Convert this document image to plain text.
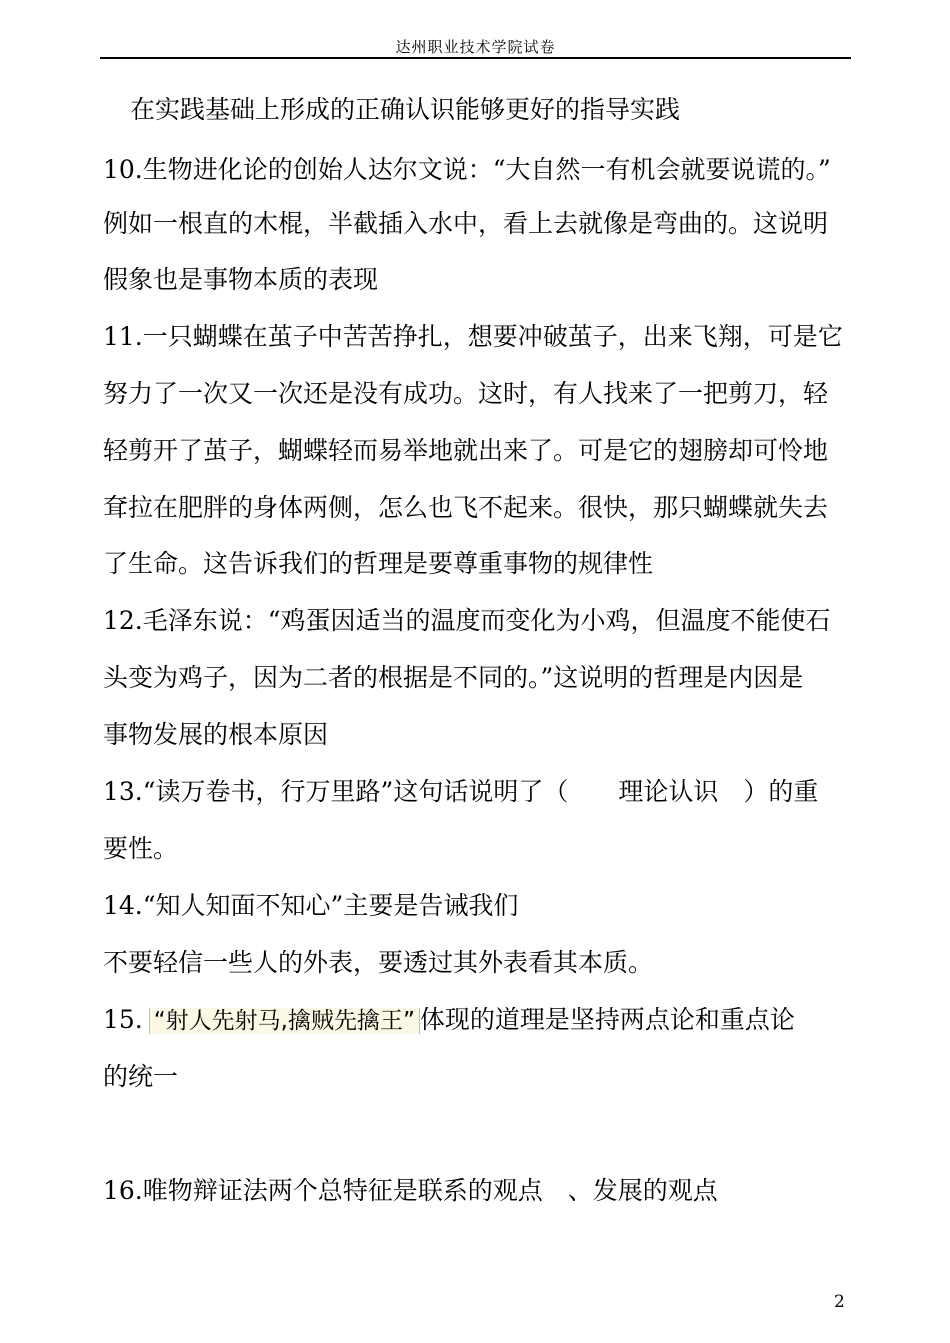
达州职业技术学院试卷
在实践基础上形成的正确认识能够更好的指导实践
10.生物进化论的创始人达尔文说：“大自然一有机会就要说谎的。”
例如一根直的木棍，半截插入水中，看上去就像是弯曲的。这说明
假象也是事物本质的表现
11.一只蝴蝶在茧子中苦苦挣扎，想要冲破茧子，出来飞翔，可是它
努力了一次又一次还是没有成功。这时，有人找来了一把剪刀，轻
轻剪开了茧子，蝴蝶轻而易举地就出来了。可是它的翅膀却可怜地
耷拉在肥胖的身体两侧，怎么也飞不起来。很快，那只蝴蝶就失去
了生命。这告诉我们的哲理是要尊重事物的规律性
12.毛泽东说：“鸡蛋因适当的温度而变化为小鸡，但温度不能使石
头变为鸡子，因为二者的根据是不同的。”这说明的哲理是内因是
事物发展的根本原因
13.“读万卷书，行万里路”这句话说明了（　　理论认识　）的重
要性。
14.“知人知面不知心”主要是告诫我们
不要轻信一些人的外表，要透过其外表看其本质。
15. “射人先射马,擒贼先擒王” 体现的道理是坚持两点论和重点论
的统一
16.唯物辩证法两个总特征是联系的观点　、发展的观点
2
